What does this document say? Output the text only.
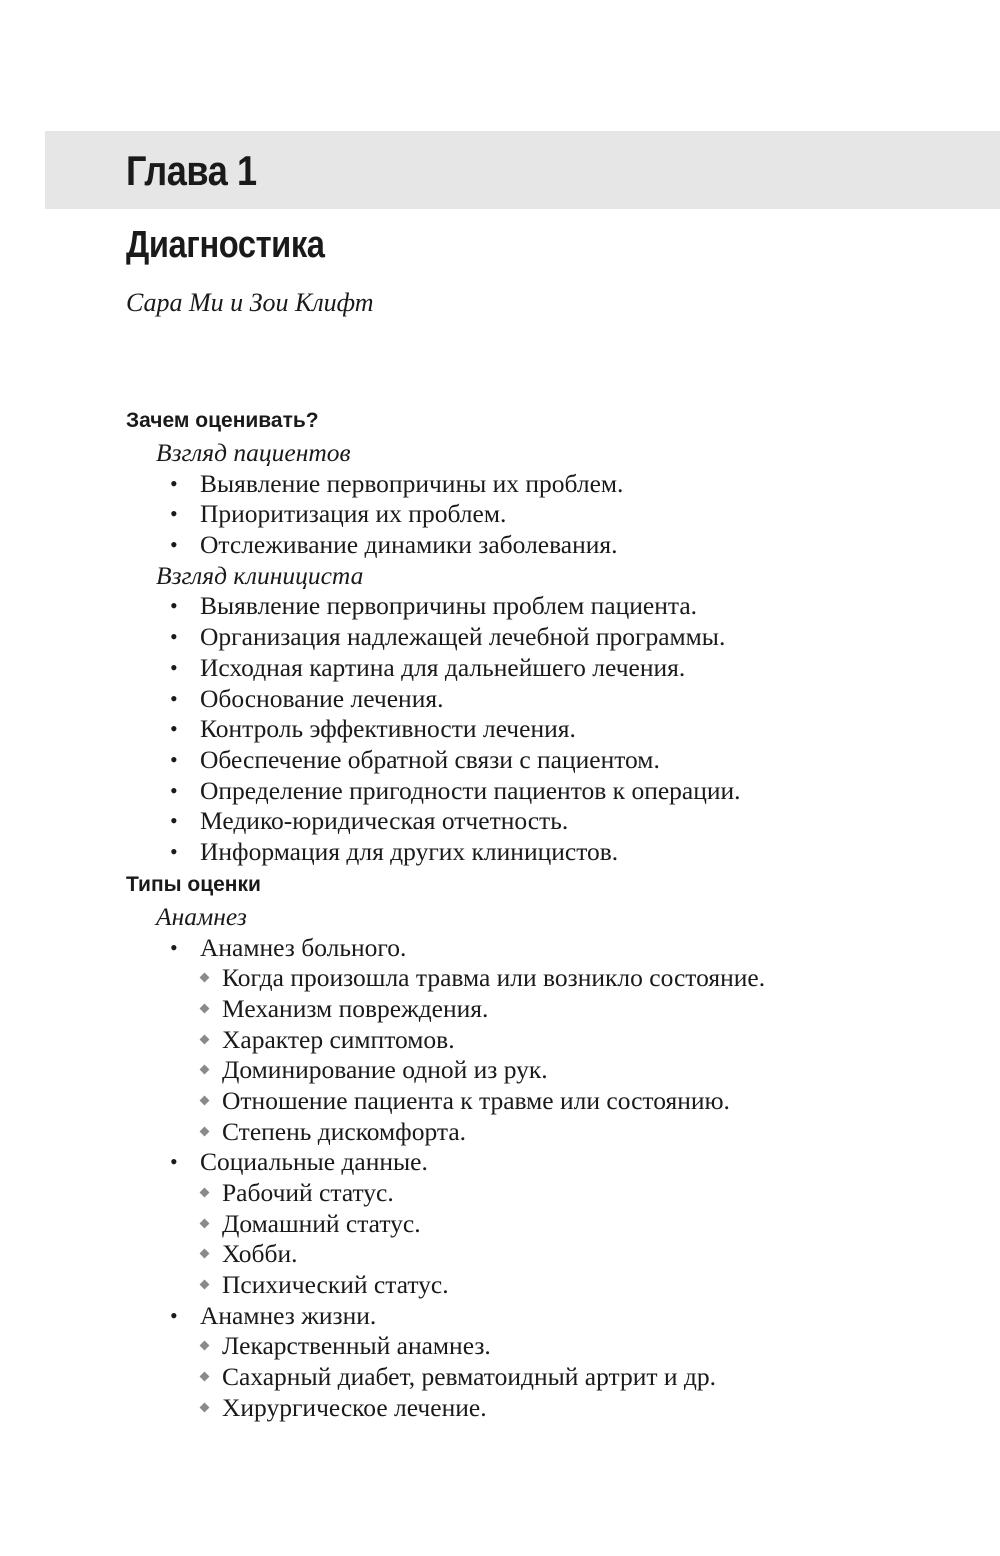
Глава 1
Диагностика

Сара Ми и Зои Клифт

Зачем оценивать?
Взгляд пациентов
• Выявление первопричины их проблем.
• Приоритизация их проблем.
• Отслеживание динамики заболевания.
Взгляд клинициста
• Выявление первопричины проблем пациента.
• Организация надлежащей лечебной программы.
• Исходная картина для дальнейшего лечения.
• Обоснование лечения.
• Контроль эффективности лечения.
• Обеспечение обратной связи с пациентом.
• Определение пригодности пациентов к операции.
• Медико-юридическая отчетность.
• Информация для других клиницистов.
Типы оценки
Анамнез
• Анамнез больного.
Когда произошла травма или возникло состояние.
Механизм повреждения.
Характер симптомов.
Доминирование одной из рук.
Отношение пациента к травме или состоянию.
Степень дискомфорта.
• Социальные данные.
Рабочий статус.
Домашний статус.
Хобби.
Психический статус.
• Анамнез жизни.
Лекарственный анамнез.
Сахарный диабет, ревматоидный артрит и др.
Хирургическое лечение.
